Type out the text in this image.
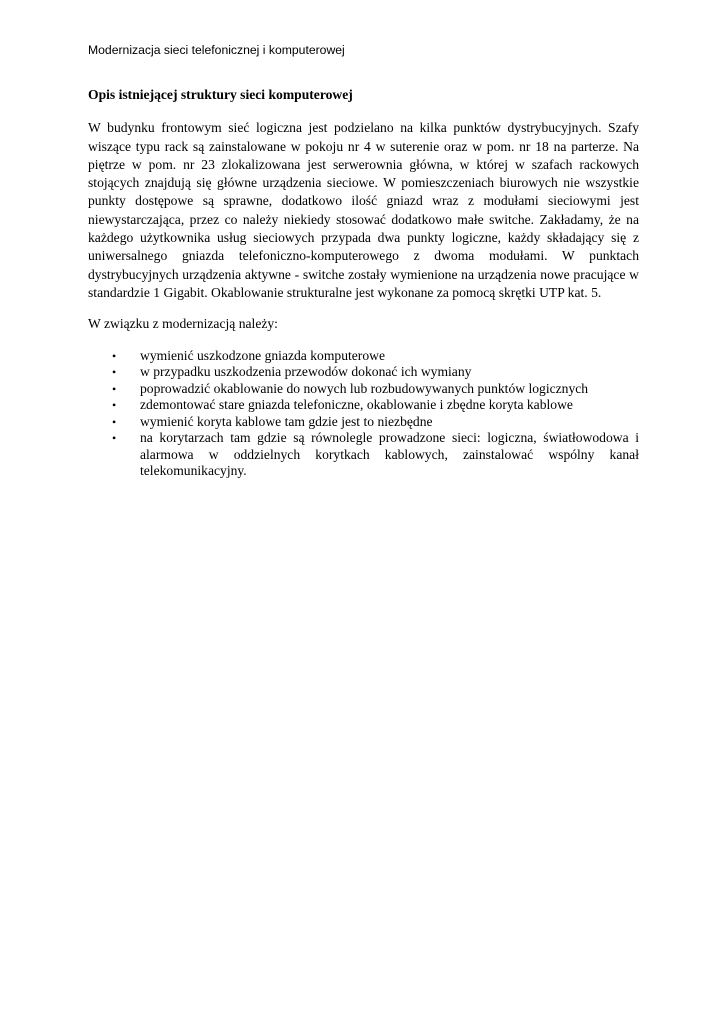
Modernizacja sieci telefonicznej i komputerowej
Opis istniejącej struktury sieci komputerowej

W budynku frontowym sieć logiczna jest podzielano na kilka punktów dystrybucyjnych. Szafy wiszące typu rack są zainstalowane w pokoju nr 4 w suterenie oraz w pom. nr 18 na parterze. Na piętrze w pom. nr 23 zlokalizowana jest serwerownia główna, w której w szafach rackowych stojących znajdują się główne urządzenia sieciowe. W pomieszczeniach biurowych nie wszystkie punkty dostępowe są sprawne, dodatkowo ilość gniazd wraz z modułami sieciowymi jest niewystarczająca, przez co należy niekiedy stosować dodatkowo małe switche. Zakładamy, że na każdego użytkownika usług sieciowych przypada dwa punkty logiczne, każdy składający się z uniwersalnego gniazda telefoniczno-komputerowego z dwoma modułami. W punktach dystrybucyjnych urządzenia aktywne - switche zostały wymienione na urządzenia nowe pracujące w standardzie 1 Gigabit. Okablowanie strukturalne jest wykonane za pomocą skrętki UTP kat. 5.

W związku z modernizacją należy:

• wymienić uszkodzone gniazda komputerowe
• w przypadku uszkodzenia przewodów dokonać ich wymiany
• poprowadzić okablowanie do nowych lub rozbudowywanych punktów logicznych
• zdemontować stare gniazda telefoniczne, okablowanie i zbędne koryta kablowe
• wymienić koryta kablowe tam gdzie jest to niezbędne
• na korytarzach tam gdzie są równolegle prowadzone sieci: logiczna, światłowodowa i alarmowa w oddzielnych korytkach kablowych, zainstalować wspólny kanał telekomunikacyjny.
